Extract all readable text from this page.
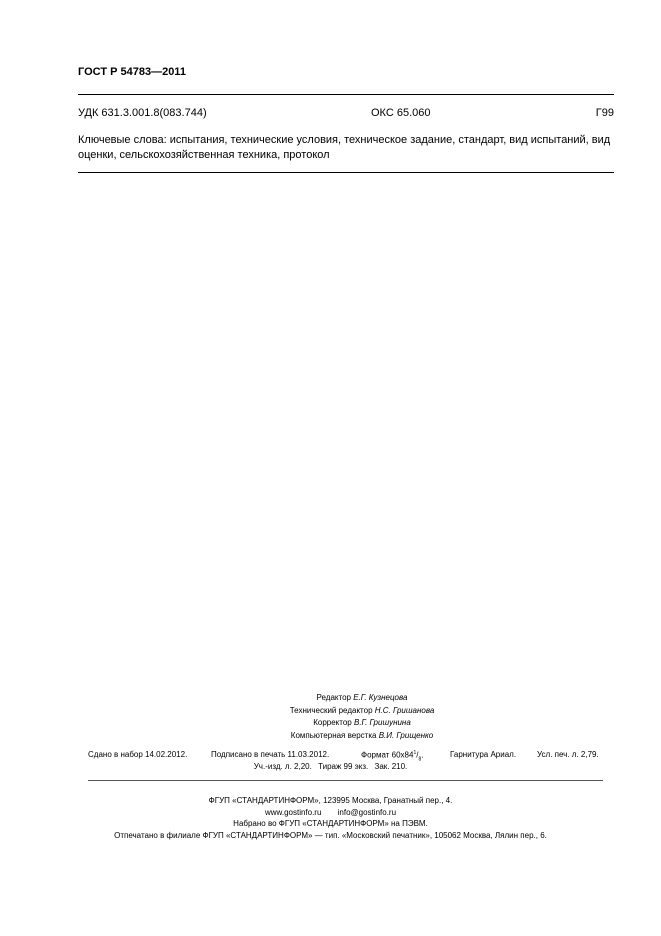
ГОСТ Р 54783—2011
УДК 631.3.001.8(083.744)	ОКС 65.060	Г99
Ключевые слова: испытания, технические условия, техническое задание, стандарт, вид испытаний, вид оценки, сельскохозяйственная техника, протокол
Редактор Е.Г. Кузнецова
Технический редактор Н.С. Гришанова
Корректор В.Г. Гришунина
Компьютерная верстка В.И. Грищенко
Сдано в набор 14.02.2012.	Подписано в печать 11.03.2012.	Формат $60x84^1/_8$.	Гарнитура Ариал.	Усл. печ. л. 2,79.
Уч.-изд. л. 2,20. Тираж 99 экз. Зак. 210.
ФГУП «СТАНДАРТИНФОРМ», 123995 Москва, Гранатный пер., 4.
www.gostinfo.ru info@gostinfo.ru
Набрано во ФГУП «СТАНДАРТИНФОРМ» на ПЭВМ.
Отпечатано в филиале ФГУП «СТАНДАРТИНФОРМ» — тип. «Московский печатник», 105062 Москва, Лялин пер., 6.
